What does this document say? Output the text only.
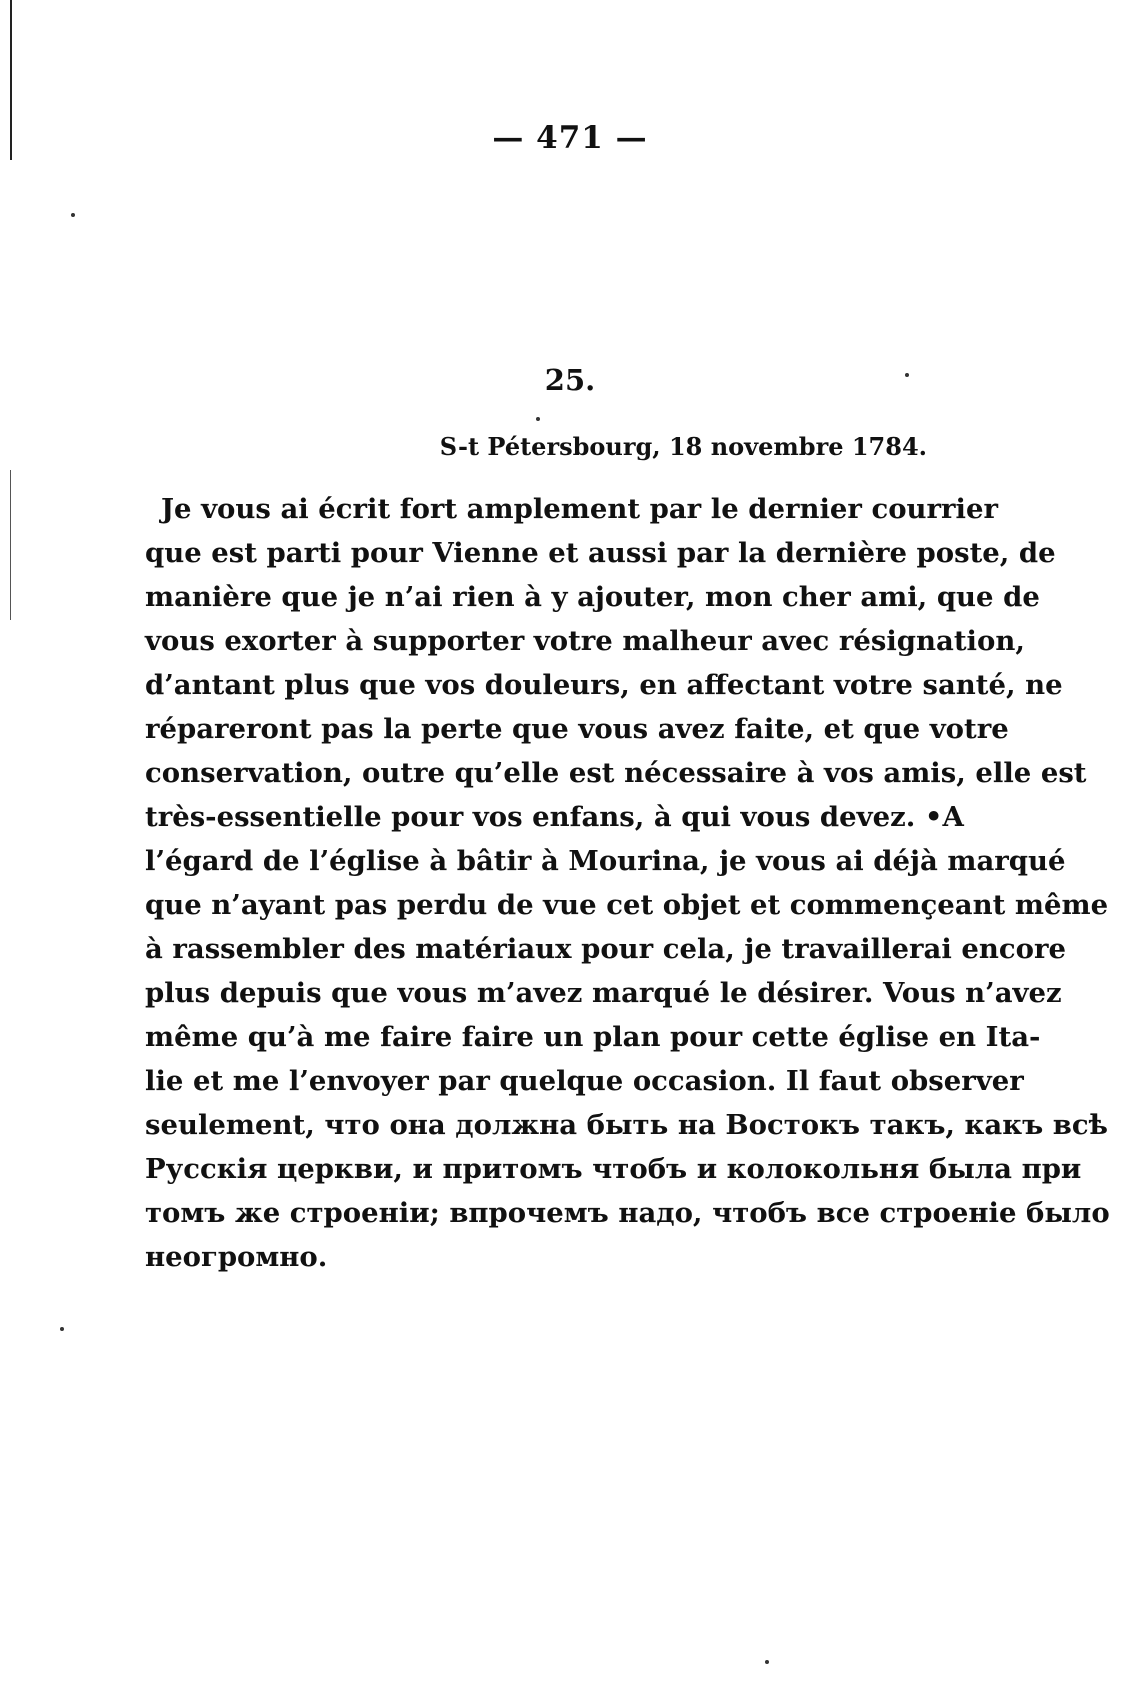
— 471 —
25.
S-t Pétersbourg, 18 novembre 1784.
Je vous ai écrit fort amplement par le dernier courrier
que est parti pour Vienne et aussi par la dernière poste, de
manière que je n’ai rien à y ajouter, mon cher ami, que de
vous exorter à supporter votre malheur avec résignation,
d’antant plus que vos douleurs, en affectant votre santé, ne
répareront pas la perte que vous avez faite, et que votre
conservation, outre qu’elle est nécessaire à vos amis, elle est
très-essentielle pour vos enfans, à qui vous devez. •A
l’égard de l’église à bâtir à Mourina, je vous ai déjà marqué
que n’ayant pas perdu de vue cet objet et commençeant même
à rassembler des matériaux pour cela, je travaillerai encore
plus depuis que vous m’avez marqué le désirer. Vous n’avez
même qu’à me faire faire un plan pour cette église en Ita-
lie et me l’envoyer par quelque occasion. Il faut observer
seulement, что она должна быть на Востокъ такъ, какъ всѣ
Русскія церкви, и притомъ чтобъ и колокольня была при
томъ же строеніи; впрочемъ надо, чтобъ все строеніе было
неогромно.
